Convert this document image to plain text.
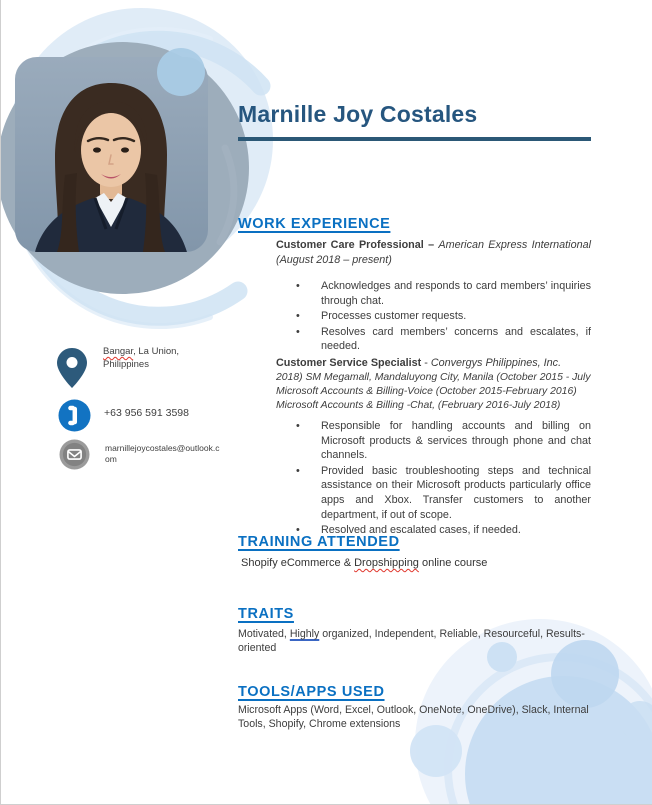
Marnille Joy Costales
Bangar, La Union, Philippines
+63 956 591 3598
marnillejoycostales@outlook.com
WORK EXPERIENCE

Customer Care Professional – American Express International (August 2018 – present)

• Acknowledges and responds to card members’ inquiries through chat.
• Processes customer requests.
• Resolves card members’ concerns and escalates, if needed.
Customer Service Specialist - Convergys Philippines, Inc.
2018) SM Megamall, Mandaluyong City, Manila (October 2015 - July
Microsoft Accounts & Billing-Voice (October 2015-February 2016)
Microsoft Accounts & Billing -Chat, (February 2016-July 2018)
• Responsible for handling accounts and billing on Microsoft products & services through phone and chat channels.
• Provided basic troubleshooting steps and technical assistance on their Microsoft products particularly office apps and Xbox. Transfer customers to another department, if out of scope.
• Resolved and escalated cases, if needed.
TRAINING ATTENDED

Shopify eCommerce & Dropshipping online course

TRAITS

Motivated, Highly organized, Independent, Reliable, Resourceful, Results-oriented

TOOLS/APPS USED

Microsoft Apps (Word, Excel, Outlook, OneNote, OneDrive), Slack, Internal Tools, Shopify, Chrome extensions
